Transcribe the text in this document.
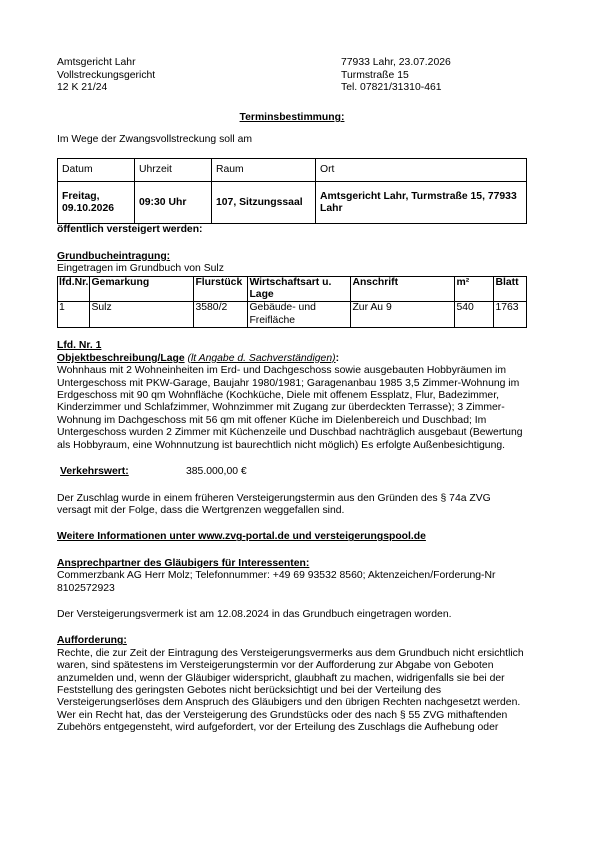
Amtsgericht Lahr
Vollstreckungsgericht
12 K 21/24
77933 Lahr, 23.07.2026
Turmstraße 15
Tel. 07821/31310-461
Terminsbestimmung:

Im Wege der Zwangsvollstreckung soll am

Datum	Uhrzeit	Raum	Ort
Freitag, 09.10.2026	09:30 Uhr	107, Sitzungssaal	Amtsgericht Lahr, Turmstraße 15, 77933 Lahr

öffentlich versteigert werden:

Grundbucheintragung:

Eingetragen im Grundbuch von Sulz

lfd.Nr.	Gemarkung	Flurstück	Wirtschaftsart u. Lage	Anschrift	m²	Blatt
1	Sulz	3580/2	Gebäude- und Freifläche	Zur Au 9	540	1763

Lfd. Nr. 1

Objektbeschreibung/Lage (lt Angabe d. Sachverständigen):

Wohnhaus mit 2 Wohneinheiten im Erd- und Dachgeschoss sowie ausgebauten Hobbyräumen im Untergeschoss mit PKW-Garage, Baujahr 1980/1981; Garagenanbau 1985 3,5 Zimmer-Wohnung im Erdgeschoss mit 90 qm Wohnfläche (Kochküche, Diele mit offenem Essplatz, Flur, Badezimmer, Kinderzimmer und Schlafzimmer, Wohnzimmer mit Zugang zur überdeckten Terrasse); 3 Zimmer-Wohnung im Dachgeschoss mit 56 qm mit offener Küche im Dielenbereich und Duschbad; Im Untergeschoss wurden 2 Zimmer mit Küchenzeile und Duschbad nachträglich ausgebaut (Bewertung als Hobbyraum, eine Wohnnutzung ist baurechtlich nicht möglich) Es erfolgte Außenbesichtigung.

Verkehrswert:	385.000,00 €

Der Zuschlag wurde in einem früheren Versteigerungstermin aus den Gründen des § 74a ZVG versagt mit der Folge, dass die Wertgrenzen weggefallen sind.

Weitere Informationen unter www.zvg-portal.de und versteigerungspool.de

Ansprechpartner des Gläubigers für Interessenten:

Commerzbank AG Herr Molz; Telefonnummer: +49 69 93532 8560; Aktenzeichen/Forderung-Nr 8102572923

Der Versteigerungsvermerk ist am 12.08.2024 in das Grundbuch eingetragen worden.

Aufforderung:

Rechte, die zur Zeit der Eintragung des Versteigerungsvermerks aus dem Grundbuch nicht ersichtlich waren, sind spätestens im Versteigerungstermin vor der Aufforderung zur Abgabe von Geboten anzumelden und, wenn der Gläubiger widerspricht, glaubhaft zu machen, widrigenfalls sie bei der Feststellung des geringsten Gebotes nicht berücksichtigt und bei der Verteilung des Versteigerungserlöses dem Anspruch des Gläubigers und den übrigen Rechten nachgesetzt werden.

Wer ein Recht hat, das der Versteigerung des Grundstücks oder des nach § 55 ZVG mithaftenden Zubehörs entgegensteht, wird aufgefordert, vor der Erteilung des Zuschlags die Aufhebung oder
